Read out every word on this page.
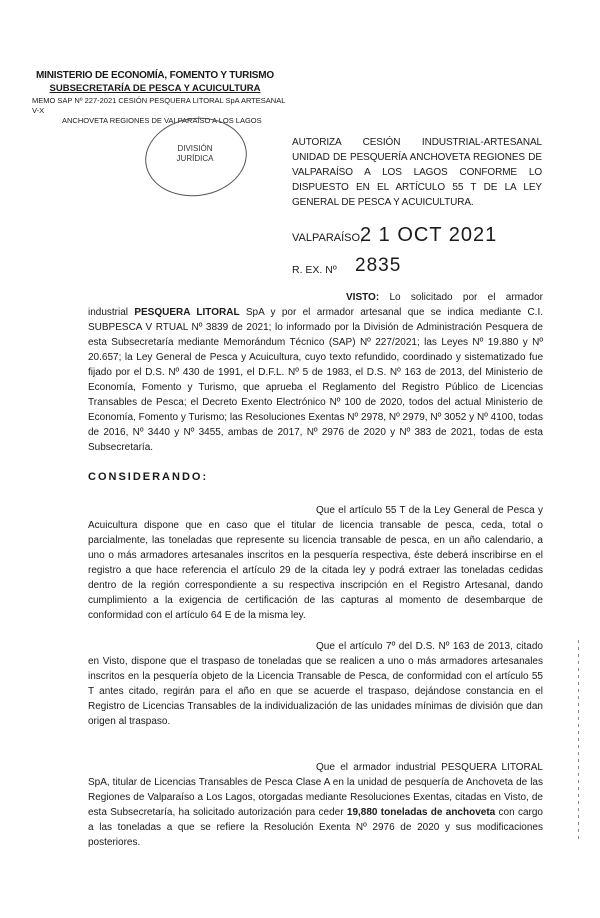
MINISTERIO DE ECONOMÍA, FOMENTO Y TURISMO
SUBSECRETARÍA DE PESCA Y ACUICULTURA
MEMO SAP Nº 227-2021 CESIÓN PESQUERA LITORAL SpA ARTESANAL V-X
ANCHOVETA REGIONES DE VALPARAÍSO A LOS LAGOS
DIVISIÓN
JURÍDICA
AUTORIZA CESIÓN INDUSTRIAL-ARTESANAL UNIDAD DE PESQUERÍA ANCHOVETA REGIONES DE VALPARAÍSO A LOS LAGOS CONFORME LO DISPUESTO EN EL ARTÍCULO 55 T DE LA LEY GENERAL DE PESCA Y ACUICULTURA.
VALPARAÍSO,
2 1 OCT 2021
R. EX. Nº 2835
VISTO: Lo solicitado por el armador industrial PESQUERA LITORAL SpA y por el armador artesanal que se indica mediante C.I. SUBPESCA V RTUAL Nº 3839 de 2021; lo informado por la División de Administración Pesquera de esta Subsecretaría mediante Memorándum Técnico (SAP) Nº 227/2021; las Leyes Nº 19.880 y Nº 20.657; la Ley General de Pesca y Acuicultura, cuyo texto refundido, coordinado y sistematizado fue fijado por el D.S. Nº 430 de 1991, el D.F.L. Nº 5 de 1983, el D.S. Nº 163 de 2013, del Ministerio de Economía, Fomento y Turismo, que aprueba el Reglamento del Registro Público de Licencias Transables de Pesca; el Decreto Exento Electrónico Nº 100 de 2020, todos del actual Ministerio de Economía, Fomento y Turismo; las Resoluciones Exentas Nº 2978, Nº 2979, Nº 3052 y Nº 4100, todas de 2016, Nº 3440 y Nº 3455, ambas de 2017, Nº 2976 de 2020 y Nº 383 de 2021, todas de esta Subsecretaría.
CONSIDERANDO:
Que el artículo 55 T de la Ley General de Pesca y Acuicultura dispone que en caso que el titular de licencia transable de pesca, ceda, total o parcialmente, las toneladas que represente su licencia transable de pesca, en un año calendario, a uno o más armadores artesanales inscritos en la pesquería respectiva, éste deberá inscribirse en el registro a que hace referencia el artículo 29 de la citada ley y podrá extraer las toneladas cedidas dentro de la región correspondiente a su respectiva inscripción en el Registro Artesanal, dando cumplimiento a la exigencia de certificación de las capturas al momento de desembarque de conformidad con el artículo 64 E de la misma ley.
Que el artículo 7º del D.S. Nº 163 de 2013, citado en Visto, dispone que el traspaso de toneladas que se realicen a uno o más armadores artesanales inscritos en la pesquería objeto de la Licencia Transable de Pesca, de conformidad con el artículo 55 T antes citado, regirán para el año en que se acuerde el traspaso, dejándose constancia en el Registro de Licencias Transables de la individualización de las unidades mínimas de división que dan origen al traspaso.
Que el armador industrial PESQUERA LITORAL SpA, titular de Licencias Transables de Pesca Clase A en la unidad de pesquería de Anchoveta de las Regiones de Valparaíso a Los Lagos, otorgadas mediante Resoluciones Exentas, citadas en Visto, de esta Subsecretaría, ha solicitado autorización para ceder 19,880 toneladas de anchoveta con cargo a las toneladas a que se refiere la Resolución Exenta Nº 2976 de 2020 y sus modificaciones posteriores.
